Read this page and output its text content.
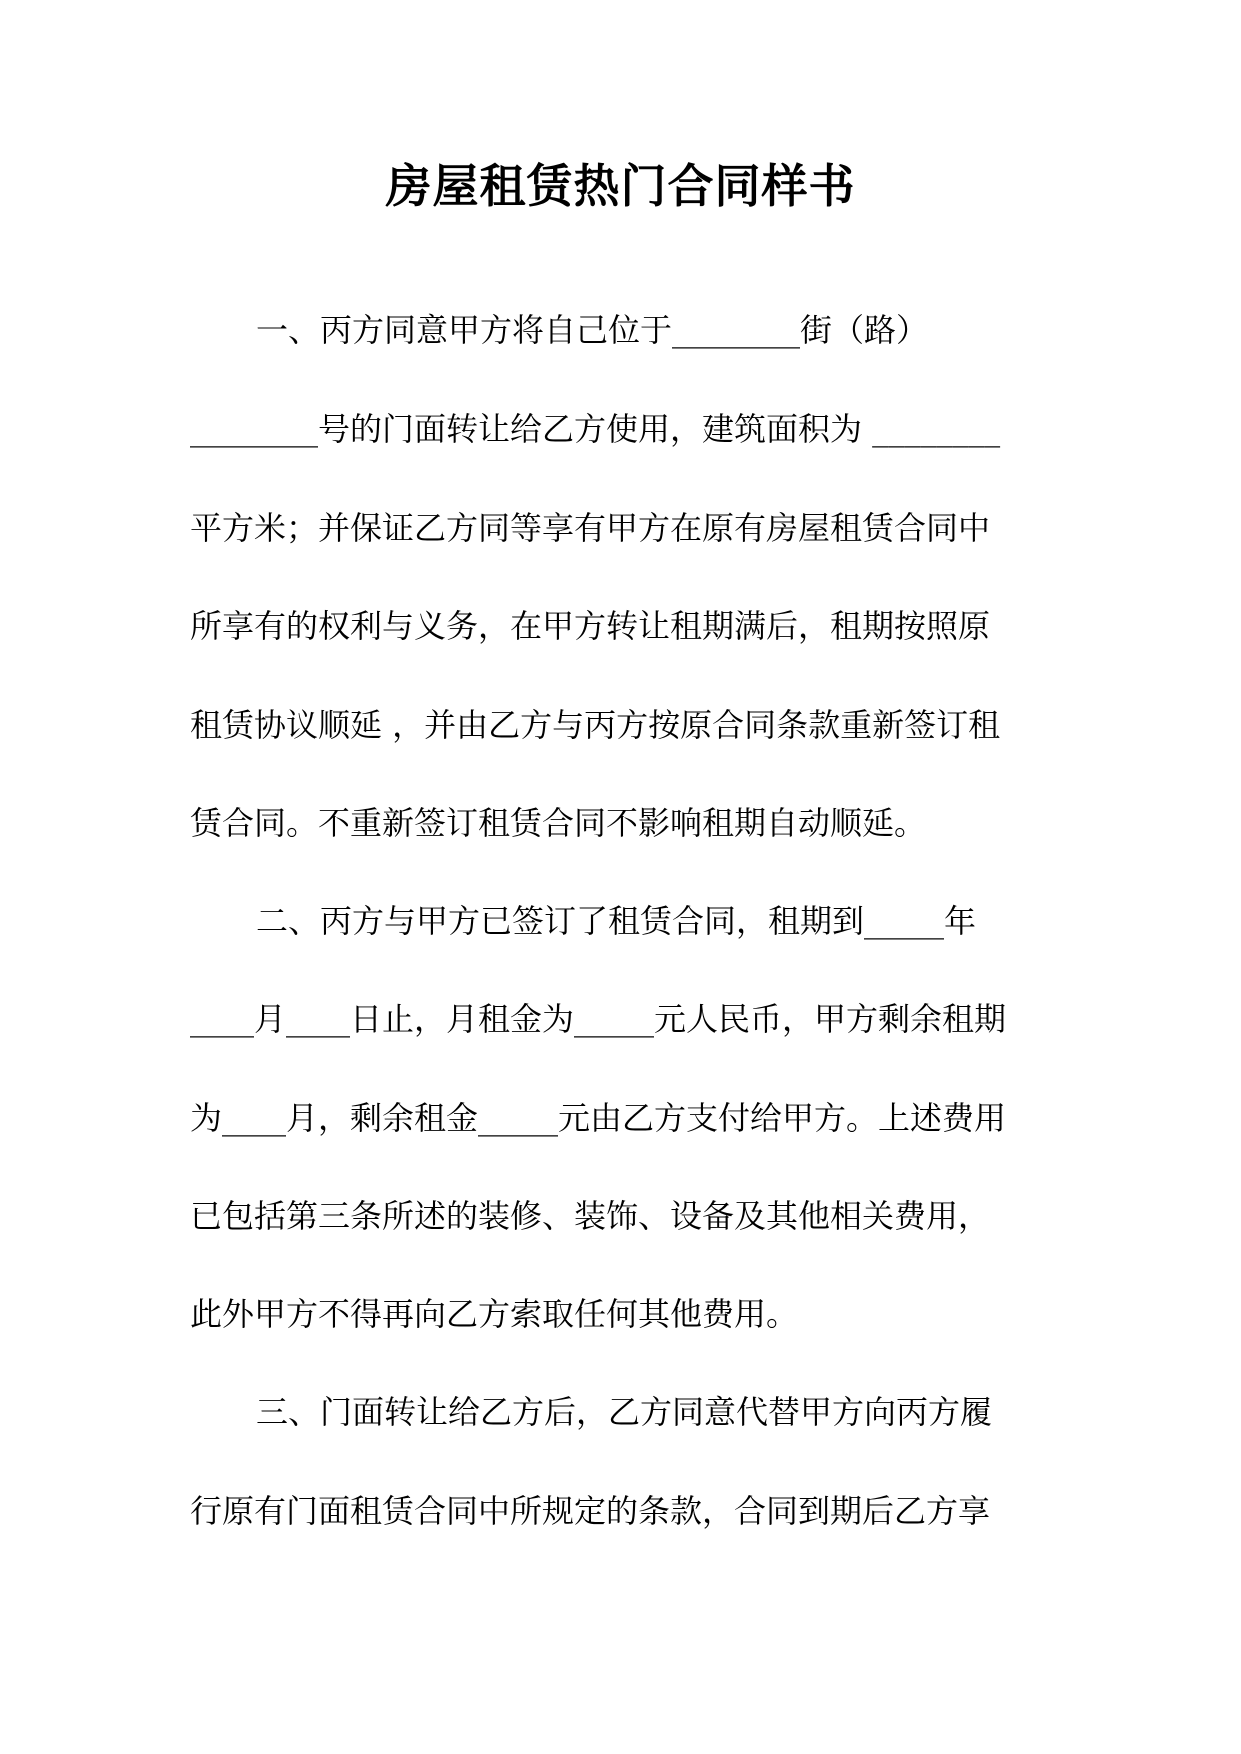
房屋租赁热门合同样书
一、丙方同意甲方将自己位于________街（路）
________号的门面转让给乙方使用，建筑面积为 ________
平方米；并保证乙方同等享有甲方在原有房屋租赁合同中
所享有的权利与义务，在甲方转让租期满后，租期按照原
租赁协议顺延 ，并由乙方与丙方按原合同条款重新签订租
赁合同。不重新签订租赁合同不影响租期自动顺延。
二、丙方与甲方已签订了租赁合同，租期到_____年
____月____日止，月租金为_____元人民币，甲方剩余租期
为____月，剩余租金_____元由乙方支付给甲方。上述费用
已包括第三条所述的装修、装饰、设备及其他相关费用，
此外甲方不得再向乙方索取任何其他费用。
三、门面转让给乙方后，乙方同意代替甲方向丙方履
行原有门面租赁合同中所规定的条款，合同到期后乙方享
